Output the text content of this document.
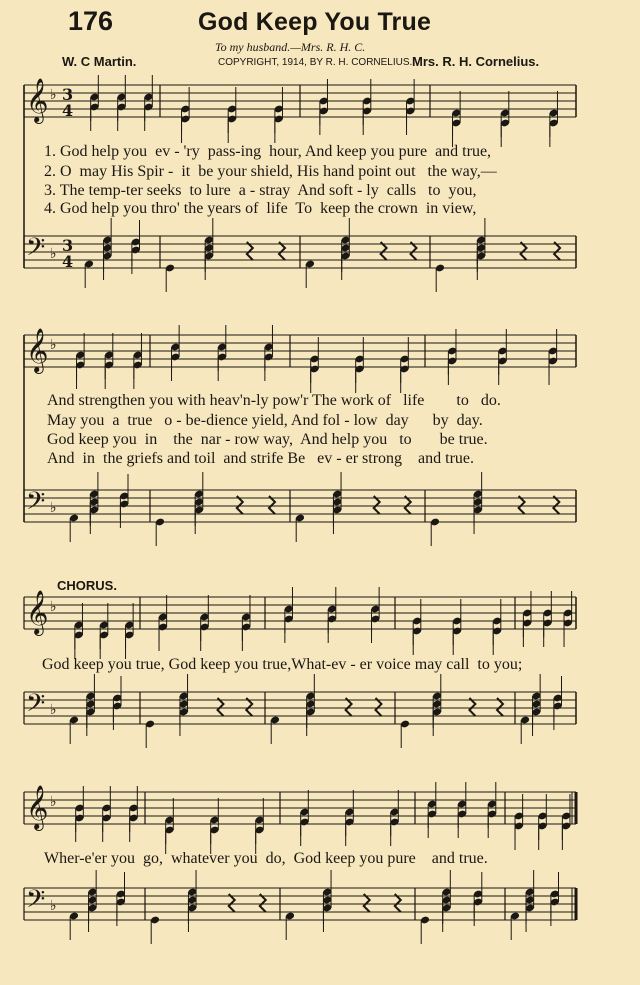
176	God Keep You True
To my husband.—Mrs. R. H. C.
W. C Martin.	COPYRIGHT, 1914, BY R. H. CORNELIUS. Mrs. R. H. Cornelius.
𝄞
𝄢
♭
♭
3
4
3
4
𝄞
𝄢
♭
♭
𝄞
𝄢
♭
♭
𝄞
𝄢
♭
♭
1. God help you  ev - 'ry  pass-ing  hour, And keep you pure  and true,
2. O  may His Spir -  it  be your shield, His hand point out   the way,—
3. The temp-ter seeks  to lure  a - stray  And soft - ly  calls   to  you,
4. God help you thro' the years of  life  To  keep the crown  in view,
And strengthen you with heav'n-ly pow'r The work of   life        to   do.
May you  a  true   o - be-dience yield, And fol - low  day      by  day.
God keep you  in    the  nar - row way,  And help you   to       be true.
And  in  the griefs and toil  and strife Be   ev - er strong    and true.
CHORUS.
God keep you true, God keep you true,What-ev - er voice may call  to you;
Wher-e'er you  go,  whatever you  do,  God keep you pure    and true.
